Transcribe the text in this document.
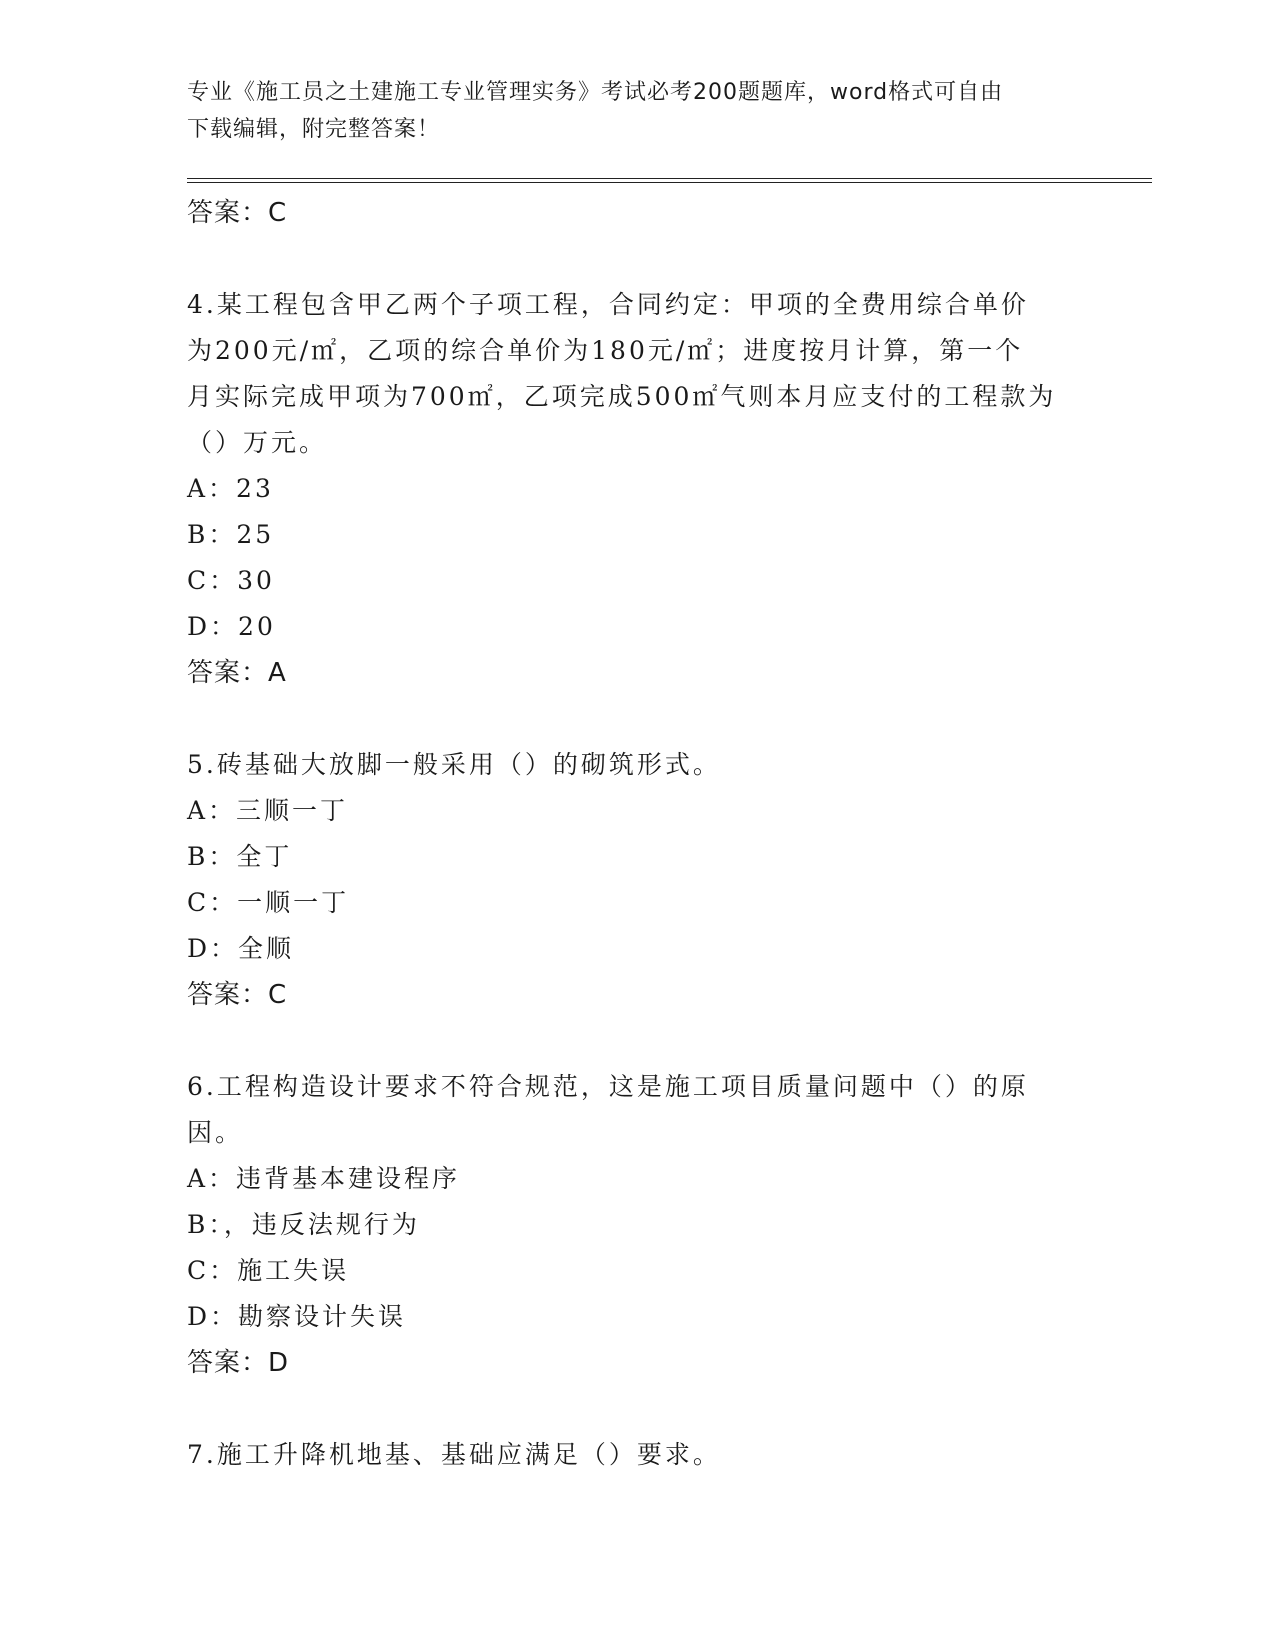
专业《施工员之土建施工专业管理实务》考试必考200题题库，word格式可自由
下载编辑，附完整答案！
答案：C
4.某工程包含甲乙两个子项工程，合同约定：甲项的全费用综合单价
为200元/㎡，乙项的综合单价为180元/㎡；进度按月计算，第一个
月实际完成甲项为700㎡，乙项完成500㎡气则本月应支付的工程款为
（）万元。
A：23
B：25
C：30
D：20
答案：A
5.砖基础大放脚一般采用（）的砌筑形式。
A：三顺一丁
B：全丁
C：一顺一丁
D：全顺
答案：C
6.工程构造设计要求不符合规范，这是施工项目质量问题中（）的原
因。
A：违背基本建设程序
B：，违反法规行为
C：施工失误
D：勘察设计失误
答案：D
7.施工升降机地基、基础应满足（）要求。
